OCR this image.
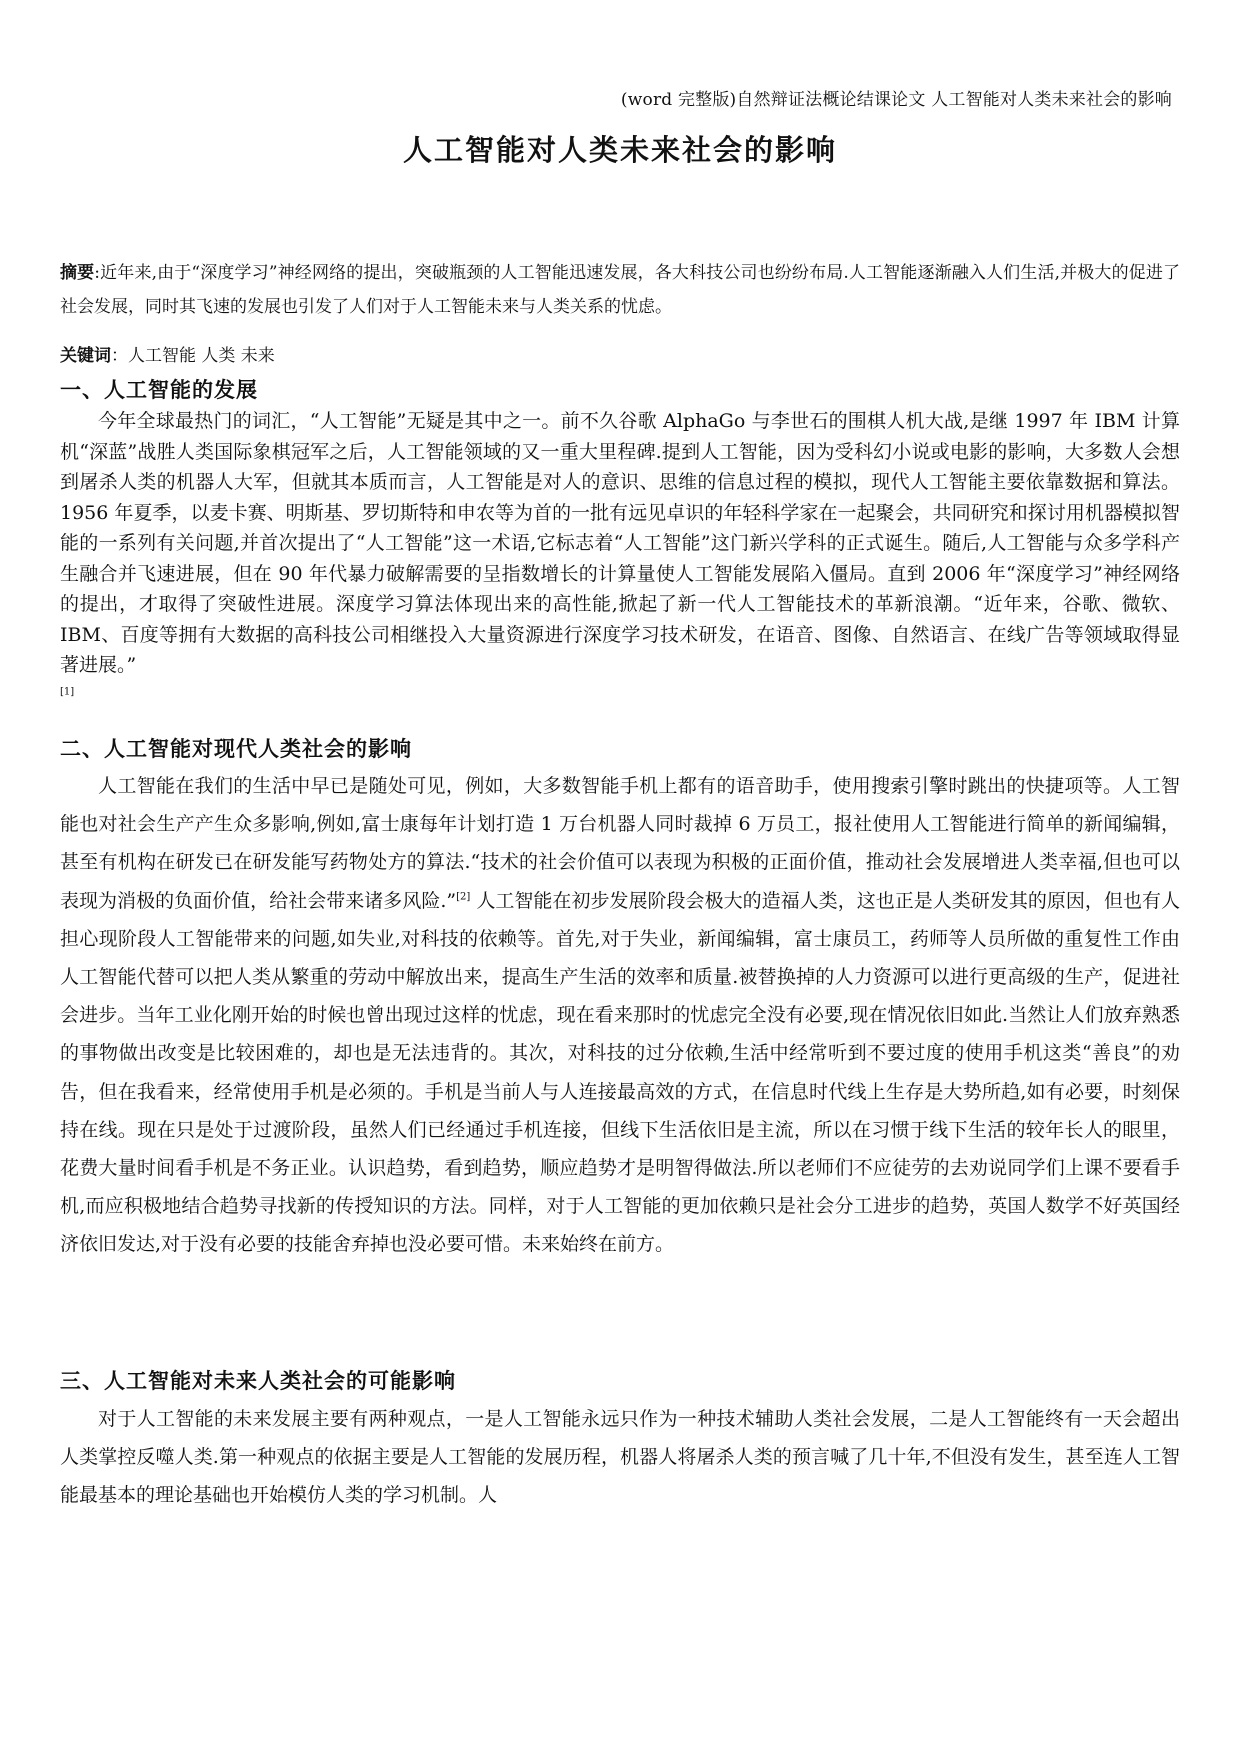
(word 完整版)自然辩证法概论结课论文 人工智能对人类未来社会的影响
人工智能对人类未来社会的影响
摘要:近年来,由于“深度学习”神经网络的提出，突破瓶颈的人工智能迅速发展，各大科技公司也纷纷布局.人工智能逐渐融入人们生活,并极大的促进了社会发展，同时其飞速的发展也引发了人们对于人工智能未来与人类关系的忧虑。
关键词：人工智能 人类 未来
一、人工智能的发展

今年全球最热门的词汇，“人工智能”无疑是其中之一。前不久谷歌 AlphaGo 与李世石的围棋人机大战,是继 1997 年 IBM 计算机“深蓝”战胜人类国际象棋冠军之后，人工智能领域的又一重大里程碑.提到人工智能，因为受科幻小说或电影的影响，大多数人会想到屠杀人类的机器人大军，但就其本质而言，人工智能是对人的意识、思维的信息过程的模拟，现代人工智能主要依靠数据和算法。1956 年夏季，以麦卡赛、明斯基、罗切斯特和申农等为首的一批有远见卓识的年轻科学家在一起聚会，共同研究和探讨用机器模拟智能的一系列有关问题,并首次提出了“人工智能”这一术语,它标志着“人工智能”这门新兴学科的正式诞生。随后,人工智能与众多学科产生融合并飞速进展，但在 90 年代暴力破解需要的呈指数增长的计算量使人工智能发展陷入僵局。直到 2006 年“深度学习”神经网络的提出，才取得了突破性进展。深度学习算法体现出来的高性能,掀起了新一代人工智能技术的革新浪潮。“近年来，谷歌、微软、IBM、百度等拥有大数据的高科技公司相继投入大量资源进行深度学习技术研发，在语音、图像、自然语言、在线广告等领域取得显著进展。”
[1]

二、人工智能对现代人类社会的影响

人工智能在我们的生活中早已是随处可见，例如，大多数智能手机上都有的语音助手，使用搜索引擎时跳出的快捷项等。人工智能也对社会生产产生众多影响,例如,富士康每年计划打造 1 万台机器人同时裁掉 6 万员工，报社使用人工智能进行简单的新闻编辑，甚至有机构在研发已在研发能写药物处方的算法.“技术的社会价值可以表现为积极的正面价值，推动社会发展增进人类幸福,但也可以表现为消极的负面价值，给社会带来诸多风险.”[2] 人工智能在初步发展阶段会极大的造福人类，这也正是人类研发其的原因，但也有人担心现阶段人工智能带来的问题,如失业,对科技的依赖等。首先,对于失业，新闻编辑，富士康员工，药师等人员所做的重复性工作由人工智能代替可以把人类从繁重的劳动中解放出来，提高生产生活的效率和质量.被替换掉的人力资源可以进行更高级的生产，促进社会进步。当年工业化刚开始的时候也曾出现过这样的忧虑，现在看来那时的忧虑完全没有必要,现在情况依旧如此.当然让人们放弃熟悉的事物做出改变是比较困难的，却也是无法违背的。其次，对科技的过分依赖,生活中经常听到不要过度的使用手机这类“善良”的劝告，但在我看来，经常使用手机是必须的。手机是当前人与人连接最高效的方式，在信息时代线上生存是大势所趋,如有必要，时刻保持在线。现在只是处于过渡阶段，虽然人们已经通过手机连接，但线下生活依旧是主流，所以在习惯于线下生活的较年长人的眼里，花费大量时间看手机是不务正业。认识趋势，看到趋势，顺应趋势才是明智得做法.所以老师们不应徒劳的去劝说同学们上课不要看手机,而应积极地结合趋势寻找新的传授知识的方法。同样，对于人工智能的更加依赖只是社会分工进步的趋势，英国人数学不好英国经济依旧发达,对于没有必要的技能舍弃掉也没必要可惜。未来始终在前方。

三、人工智能对未来人类社会的可能影响

对于人工智能的未来发展主要有两种观点，一是人工智能永远只作为一种技术辅助人类社会发展，二是人工智能终有一天会超出人类掌控反噬人类.第一种观点的依据主要是人工智能的发展历程，机器人将屠杀人类的预言喊了几十年,不但没有发生，甚至连人工智能最基本的理论基础也开始模仿人类的学习机制。人
